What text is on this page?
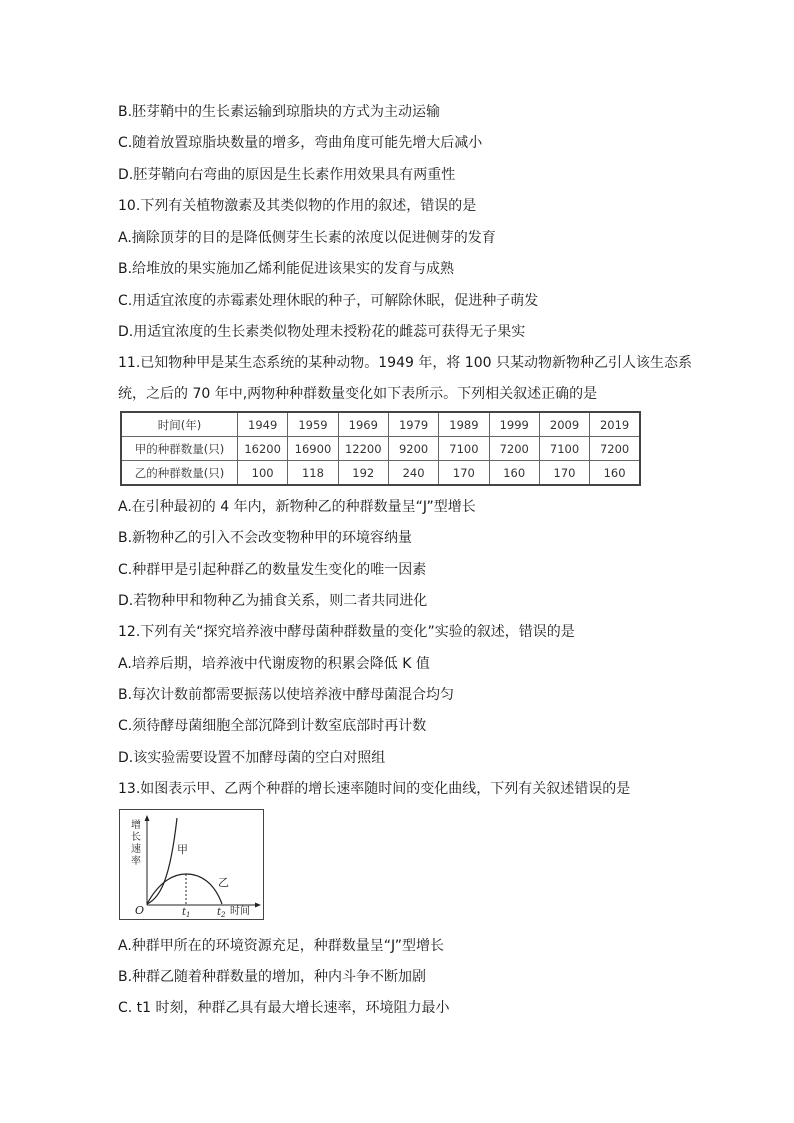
B.胚芽鞘中的生长素运输到琼脂块的方式为主动运输
C.随着放置琼脂块数量的增多，弯曲角度可能先增大后减小
D.胚芽鞘向右弯曲的原因是生长素作用效果具有两重性
10.下列有关植物激素及其类似物的作用的叙述，错误的是
A.摘除顶芽的目的是降低侧芽生长素的浓度以促进侧芽的发育
B.给堆放的果实施加乙烯利能促进该果实的发育与成熟
C.用适宜浓度的赤霉素处理休眠的种子，可解除休眠，促进种子萌发
D.用适宜浓度的生长素类似物处理未授粉花的雌蕊可获得无子果实
11.已知物种甲是某生态系统的某种动物。1949 年，将 100 只某动物新物种乙引人该生态系
统，之后的 70 年中,两物种种群数量变化如下表所示。下列相关叙述正确的是
时间(年)	1949	1959	1969	1979	1989	1999	2009	2019
甲的种群数量(只)	16200	16900	12200	9200	7100	7200	7100	7200
乙的种群数量(只)	100	118	192	240	170	160	170	160
A.在引种最初的 4 年内，新物种乙的种群数量呈“J”型增长
B.新物种乙的引入不会改变物种甲的环境容纳量
C.种群甲是引起种群乙的数量发生变化的唯一因素
D.若物种甲和物种乙为捕食关系，则二者共同进化
12.下列有关“探究培养液中酵母菌种群数量的变化”实验的叙述，错误的是
A.培养后期，培养液中代谢废物的积累会降低 K 值
B.每次计数前都需要振荡以使培养液中酵母菌混合均匀
C.须待酵母菌细胞全部沉降到计数室底部时再计数
D.该实验需要设置不加酵母菌的空白对照组
13.如图表示甲、乙两个种群的增长速率随时间的变化曲线，下列有关叙述错误的是
增
长
速
率
甲
乙
O	$t_1$	$t_2$ 时间
A.种群甲所在的环境资源充足，种群数量呈“J”型增长
B.种群乙随着种群数量的增加，种内斗争不断加剧
C. t1 时刻，种群乙具有最大增长速率，环境阻力最小
